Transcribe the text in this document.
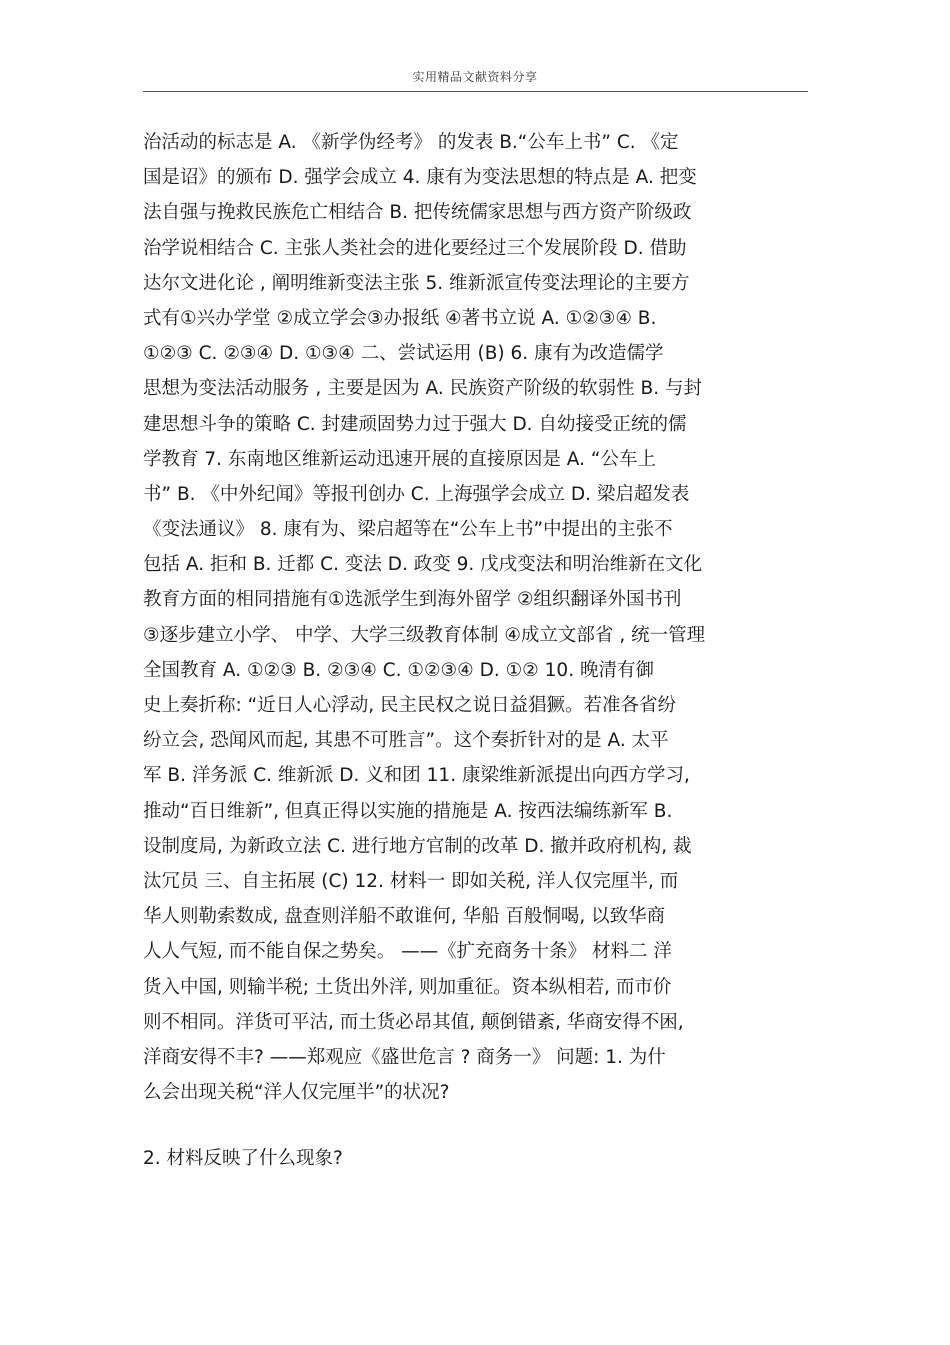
实用精品文献资料分享
治活动的标志是 A. 《新学伪经考》 的发表 B.“公车上书” C. 《定
国是诏》的颁布 D. 强学会成立 4. 康有为变法思想的特点是 A. 把变
法自强与挽救民族危亡相结合 B. 把传统儒家思想与西方资产阶级政
治学说相结合 C. 主张人类社会的进化要经过三个发展阶段 D. 借助
达尔文进化论 , 阐明维新变法主张 5. 维新派宣传变法理论的主要方
式有①兴办学堂 ②成立学会③办报纸 ④著书立说 A. ①②③④ B.
①②③ C. ②③④ D. ①③④ 二、尝试运用 (B) 6. 康有为改造儒学
思想为变法活动服务 , 主要是因为 A. 民族资产阶级的软弱性 B. 与封
建思想斗争的策略 C. 封建顽固势力过于强大 D. 自幼接受正统的儒
学教育 7. 东南地区维新运动迅速开展的直接原因是 A. “公车上
书” B. 《中外纪闻》等报刊创办 C. 上海强学会成立 D. 梁启超发表
《变法通议》 8. 康有为、梁启超等在“公车上书”中提出的主张不
包括 A. 拒和 B. 迁都 C. 变法 D. 政变 9. 戊戌变法和明治维新在文化
教育方面的相同措施有①选派学生到海外留学 ②组织翻译外国书刊
③逐步建立小学、 中学、大学三级教育体制 ④成立文部省 , 统一管理
全国教育 A. ①②③ B. ②③④ C. ①②③④ D. ①② 10. 晚清有御
史上奏折称: “近日人心浮动, 民主民权之说日益猖獗。若准各省纷
纷立会, 恐闻风而起, 其患不可胜言”。这个奏折针对的是 A. 太平
军 B. 洋务派 C. 维新派 D. 义和团 11. 康梁维新派提出向西方学习,
推动“百日维新”, 但真正得以实施的措施是 A. 按西法编练新军 B.
设制度局, 为新政立法 C. 进行地方官制的改革 D. 撤并政府机构, 裁
汰冗员 三、自主拓展 (C) 12. 材料一 即如关税, 洋人仅完厘半, 而
华人则勒索数成, 盘查则洋船不敢谁何, 华船 百般恫喝, 以致华商
人人气短, 而不能自保之势矣。 ——《扩充商务十条》 材料二 洋
货入中国, 则输半税; 土货出外洋, 则加重征。资本纵相若, 而市价
则不相同。洋货可平沽, 而土货必昂其值, 颠倒错紊, 华商安得不困,
洋商安得不丰? ——郑观应《盛世危言 ? 商务一》 问题: 1. 为什
么会出现关税“洋人仅完厘半”的状况?
2. 材料反映了什么现象?
